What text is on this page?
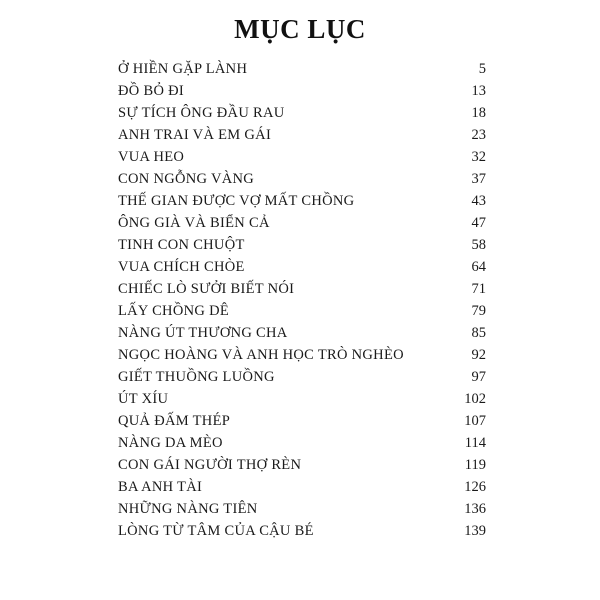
MỤC LỤC
Ở HIỀN GẶP LÀNH	5
ĐỒ BỎ ĐI	13
SỰ TÍCH ÔNG ĐẦU RAU	18
ANH TRAI VÀ EM GÁI	23
VUA HEO	32
CON NGỖNG VÀNG	37
THẾ GIAN ĐƯỢC VỢ MẤT CHỒNG	43
ÔNG GIÀ VÀ BIỂN CẢ	47
TINH CON CHUỘT	58
VUA CHÍCH CHÒE	64
CHIẾC LÒ SƯỞI BIẾT NÓI	71
LẤY CHỒNG DÊ	79
NÀNG ÚT THƯƠNG CHA	85
NGỌC HOÀNG VÀ ANH HỌC TRÒ NGHÈO	92
GIẾT THUỒNG LUỒNG	97
ÚT XÍU	102
QUẢ ĐẤM THÉP	107
NÀNG DA MÈO	114
CON GÁI NGƯỜI THỢ RÈN	119
BA ANH TÀI	126
NHỮNG NÀNG TIÊN	136
LÒNG TỪ TÂM CỦA CẬU BÉ	139
